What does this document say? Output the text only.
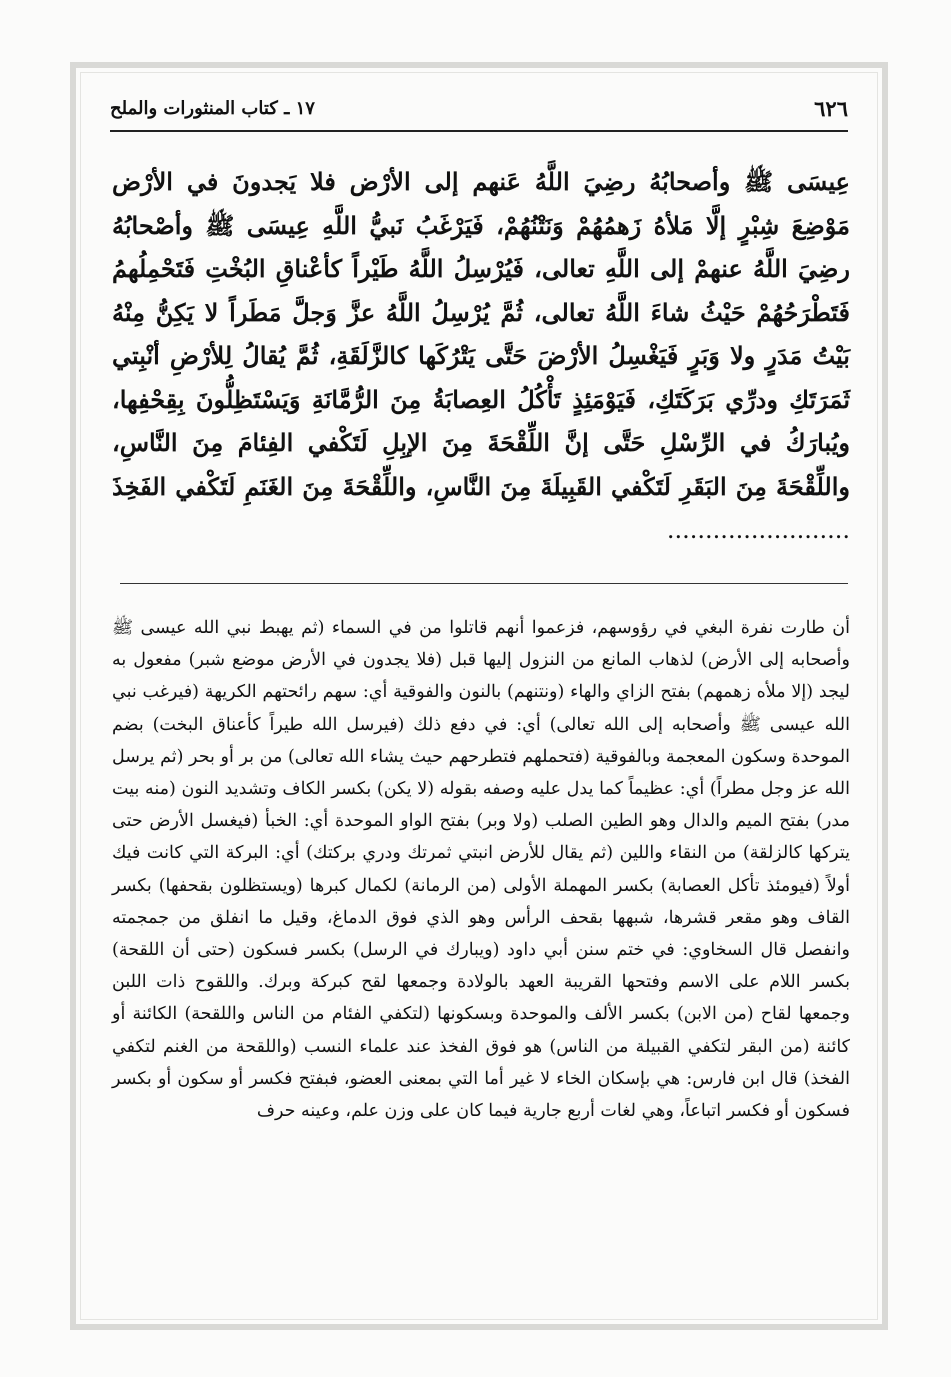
٦٢٦
١٧ ـ كتاب المنثورات والملح

عِيسَى ﷺ وأصحابُهُ رضِيَ اللَّهُ عَنهم إلى الأرْض فلا يَجدونَ في الأرْض مَوْضِعَ شِبْرٍ إلَّا مَلأهُ زَهمُهُمْ وَنَتْنُهُمْ، فَيَرْغَبُ نَبيُّ اللَّهِ عِيسَى ﷺ وأصْحابُهُ رضِيَ اللَّهُ عنهمْ إلى اللَّهِ تعالى، فَيُرْسِلُ اللَّهُ طَيْراً كأعْناقِ البُخْتِ فَتَحْمِلُهمُ فَتَطْرَحُهُمْ حَيْثُ شاءَ اللَّهُ تعالى، ثُمَّ يُرْسِلُ اللَّهُ عزَّ وَجلَّ مَطَراً لا يَكِنُّ مِنْهُ بَيْتُ مَدَرٍ ولا وَبَرٍ فَيَغْسِلُ الأرْضَ حَتَّى يَتْرُكَها كالزَّلَقَةِ، ثُمَّ يُقالُ لِلأرْضِ أنْبِتي ثَمَرَتَكِ ودرِّي بَرَكَتَكِ، فَيَوْمَئِذٍ تَأْكُلُ العِصابَةُ مِنَ الرُّمَّانَةِ وَيَسْتَظِلُّونَ بِقِحْفِها، ويُبارَكُ في الرِّسْلِ حَتَّى إنَّ اللِّقْحَةَ مِنَ الإبِلِ لَتَكْفي الفِئامَ مِنَ النَّاسِ، واللِّقْحَةَ مِنَ البَقَرِ لَتَكْفي القَبِيلَةَ مِنَ النَّاسِ، واللِّقْحَةَ مِنَ الغَنَمِ لَتَكْفي الفَخِذَ ........................

أن طارت نفرة البغي في رؤوسهم، فزعموا أنهم قاتلوا من في السماء (ثم يهبط نبي الله عيسى ﷺ وأصحابه إلى الأرض) لذهاب المانع من النزول إليها قبل (فلا يجدون في الأرض موضع شبر) مفعول به ليجد (إلا ملأه زهمهم) بفتح الزاي والهاء (ونتنهم) بالنون والفوقية أي: سهم رائحتهم الكريهة (فيرغب نبي الله عيسى ﷺ وأصحابه إلى الله تعالى) أي: في دفع ذلك (فيرسل الله طيراً كأعناق البخت) بضم الموحدة وسكون المعجمة وبالفوقية (فتحملهم فتطرحهم حيث يشاء الله تعالى) من بر أو بحر (ثم يرسل الله عز وجل مطراً) أي: عظيماً كما يدل عليه وصفه بقوله (لا يكن) بكسر الكاف وتشديد النون (منه بيت مدر) بفتح الميم والدال وهو الطين الصلب (ولا وبر) بفتح الواو الموحدة أي: الخبأ (فيغسل الأرض حتى يتركها كالزلقة) من النقاء واللين (ثم يقال للأرض انبتي ثمرتك ودري بركتك) أي: البركة التي كانت فيك أولاً (فيومئذ تأكل العصابة) بكسر المهملة الأولى (من الرمانة) لكمال كبرها (ويستظلون بقحفها) بكسر القاف وهو مقعر قشرها، شبهها بقحف الرأس وهو الذي فوق الدماغ، وقيل ما انفلق من جمجمته وانفصل قال السخاوي: في ختم سنن أبي داود (ويبارك في الرسل) بكسر فسكون (حتى أن اللقحة) بكسر اللام على الاسم وفتحها القريبة العهد بالولادة وجمعها لقح كبركة وبرك. واللقوح ذات اللبن وجمعها لقاح (من الابن) بكسر الألف والموحدة وبسكونها (لتكفي الفئام من الناس واللقحة) الكائنة أو كائنة (من البقر لتكفي القبيلة من الناس) هو فوق الفخذ عند علماء النسب (واللقحة من الغنم لتكفي الفخذ) قال ابن فارس: هي بإسكان الخاء لا غير أما التي بمعنى العضو، فبفتح فكسر أو سكون أو بكسر فسكون أو فكسر اتباعاً، وهي لغات أربع جارية فيما كان على وزن علم، وعينه حرف
